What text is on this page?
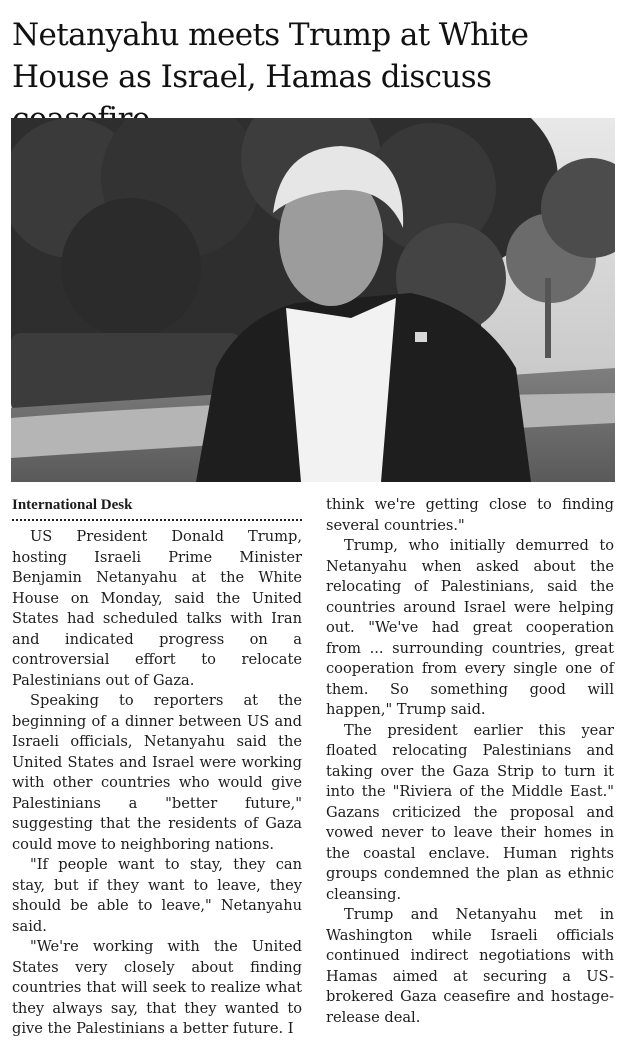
Netanyahu meets Trump at White House as Israel, Hamas discuss
International Desk

US President Donald Trump, hosting Israeli Prime Minister Benjamin Netanyahu at the White House on Monday, said the United States had scheduled talks with Iran and indicated progress on a controversial effort to relocate Palestinians out of Gaza.

Speaking to reporters at the beginning of a dinner between US and Israeli officials, Netanyahu said the United States and Israel were working with other countries who would give Palestinians a "better future," suggesting that the residents of Gaza could move to neighboring nations.

"If people want to stay, they can stay, but if they want to leave, they should be able to leave," Netanyahu said.

"We're working with the United States very closely about finding countries that will seek to realize what they always say, that they wanted to give the Palestinians a better future. I

think we're getting close to finding several countries."

Trump, who initially demurred to Netanyahu when asked about the relocating of Palestinians, said the countries around Israel were helping out. "We've had great cooperation from ... surrounding countries, great cooperation from every single one of them. So something good will happen," Trump said.

The president earlier this year floated relocating Palestinians and taking over the Gaza Strip to turn it into the "Riviera of the Middle East." Gazans criticized the proposal and vowed never to leave their homes in the coastal enclave. Human rights groups condemned the plan as ethnic cleansing.

Trump and Netanyahu met in Washington while Israeli officials continued indirect negotiations with Hamas aimed at securing a US-brokered Gaza ceasefire and hostage-release deal.
